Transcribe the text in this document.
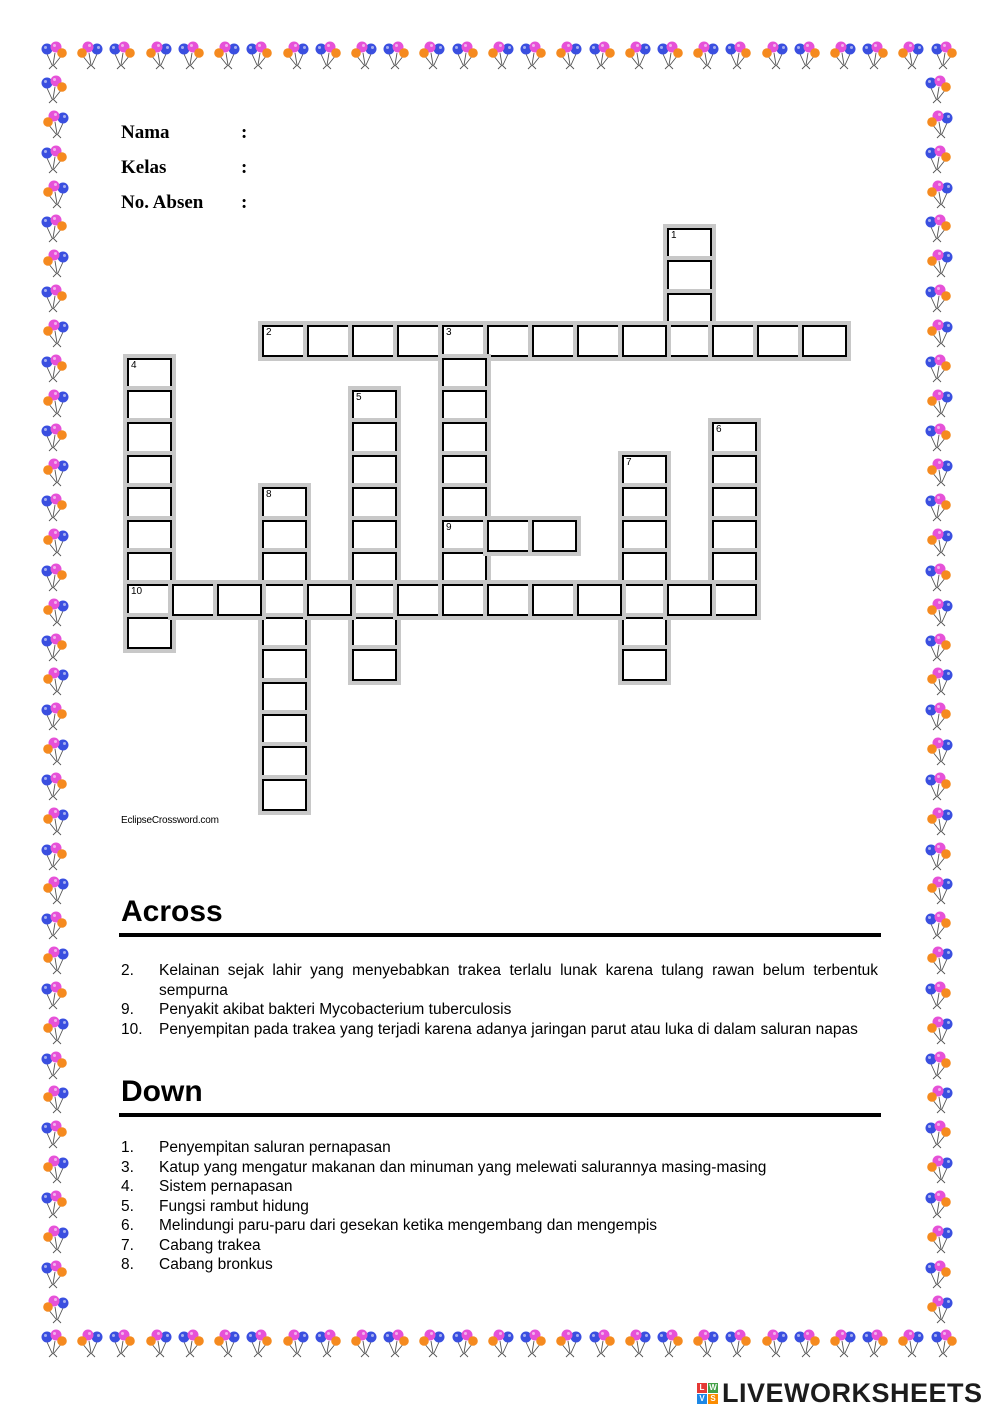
Nama	:
Kelas	:
No. Absen :
1
2	3
9
4
10
5
6
7
8
EclipseCrossword.com
Across
2.	Kelainan sejak lahir yang menyebabkan trakea terlalu lunak karena tulang rawan belum terbentuk sempurna
9.	Penyakit akibat bakteri Mycobacterium tuberculosis
10.	Penyempitan pada trakea yang terjadi karena adanya jaringan parut atau luka di dalam saluran napas
Down
1.	Penyempitan saluran pernapasan
3.	Katup yang mengatur makanan dan minuman yang melewati salurannya masing-masing
4.	Sistem pernapasan
5.	Fungsi rambut hidung
6.	Melindungi paru-paru dari gesekan ketika mengembang dan mengempis
7.	Cabang trakea
8.	Cabang bronkus
L W
V S LIVEWORKSHEETS
